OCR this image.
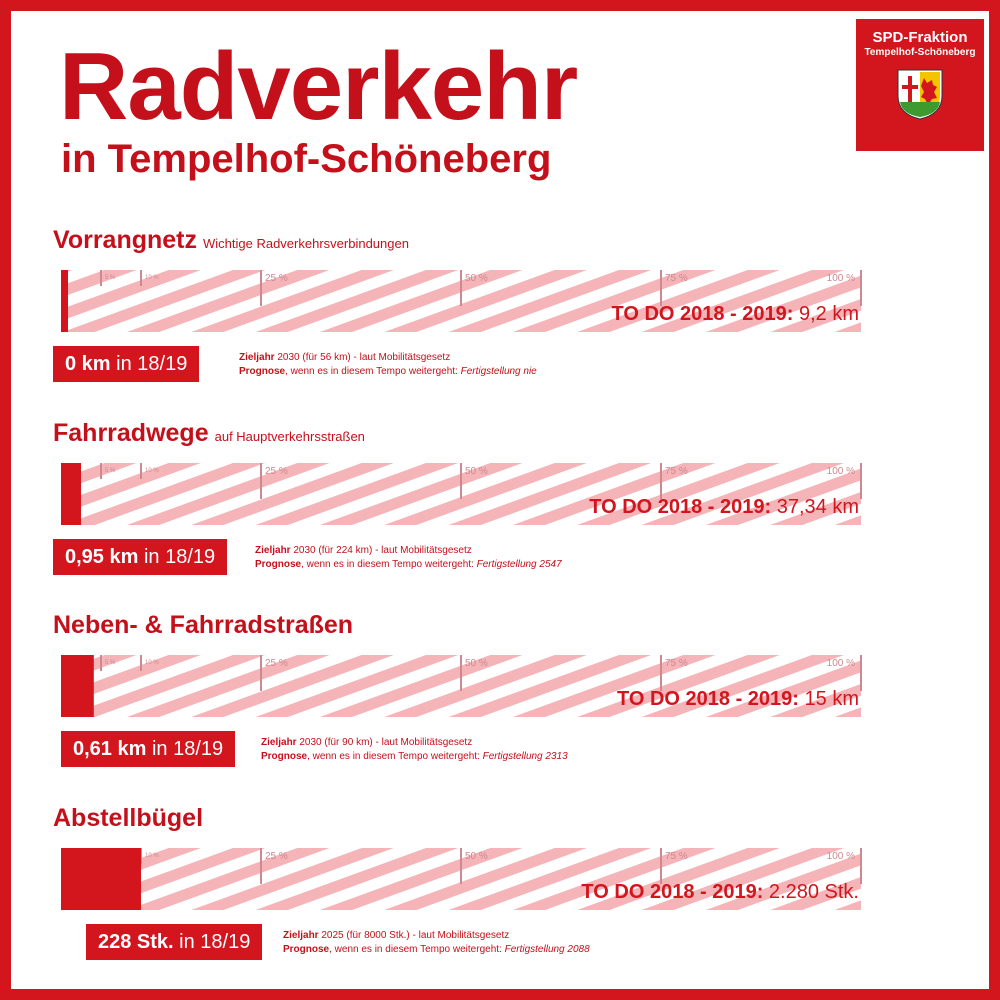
Radverkehr
in Tempelhof-Schöneberg
SPD-Fraktion
Tempelhof-Schöneberg
Vorrangnetz Wichtige Radverkehrsverbindungen
5 %	10 %	25 %	50 %	75 %	100 %
TO DO 2018 - 2019: 9,2 km
0 km in 18/19	Zieljahr 2030 (für 56 km) - laut Mobilitätsgesetz
Prognose, wenn es in diesem Tempo weitergeht: Fertigstellung nie
Fahrradwege auf Hauptverkehrsstraßen
5 %	10 %	25 %	50 %	75 %	100 %
TO DO 2018 - 2019: 37,34 km
0,95 km in 18/19	Zieljahr 2030 (für 224 km) - laut Mobilitätsgesetz
Prognose, wenn es in diesem Tempo weitergeht: Fertigstellung 2547
Neben- & Fahrradstraßen
5 %	10 %	25 %	50 %	75 %	100 %
TO DO 2018 - 2019: 15 km
0,61 km in 18/19	Zieljahr 2030 (für 90 km) - laut Mobilitätsgesetz
Prognose, wenn es in diesem Tempo weitergeht: Fertigstellung 2313
Abstellbügel
10 %	25 %	50 %	75 %	100 %
TO DO 2018 - 2019: 2.280 Stk.
228 Stk. in 18/19	Zieljahr 2025 (für 8000 Stk.) - laut Mobilitätsgesetz
Prognose, wenn es in diesem Tempo weitergeht: Fertigstellung 2088
